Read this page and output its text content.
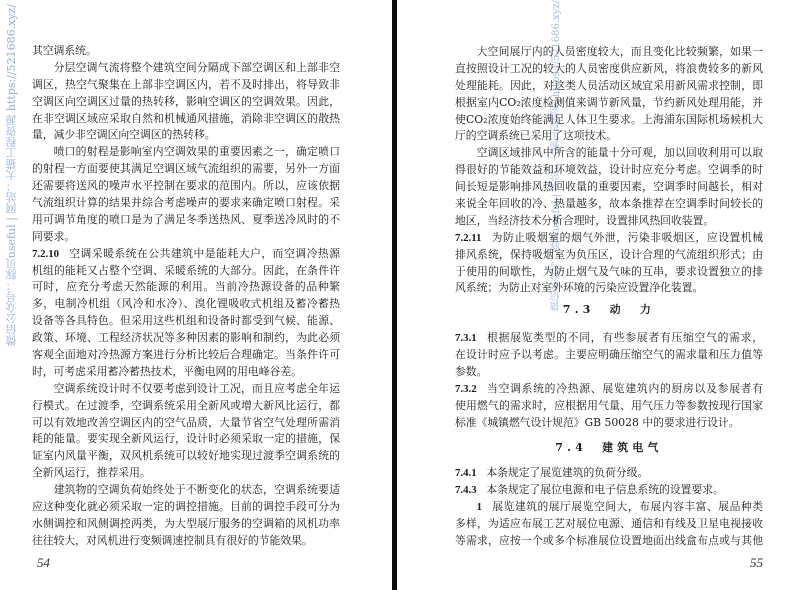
微信公众号：豚贝useful | 网站：大猫工程资源 https://521686.xyz/ 其空调系统。
分层空调气流将整个建筑空间分隔成下部空调区和上部非空
调区，热空气聚集在上部非空调区内，若不及时排出，将导致非
空调区向空调区过量的热转移，影响空调区的空调效果。因此，
在非空调区域应采取自然和机械通风措施，消除非空调区的散热
量，减少非空调区向空调区的热转移。
喷口的射程是影响室内空调效果的重要因素之一，确定喷口
的射程一方面要使其满足空调区域气流组织的需要，另外一方面
还需要将送风的噪声水平控制在要求的范围内。所以，应该依据
气流组织计算的结果并综合考虑噪声的要求来确定喷口射程。采
用可调节角度的喷口是为了满足冬季送热风、夏季送冷风时的不
同要求。
7.2.10 空调采暖系统在公共建筑中是能耗大户，而空调冷热源
机组的能耗又占整个空调、采暖系统的大部分。因此，在条件许
可时，应充分考虑天然能源的利用。当前冷热源设备的品种繁
多，电制冷机组（风冷和水冷）、溴化锂吸收式机组及蓄冷蓄热
设备等各具特色。但采用这些机组和设备时都受到气候、能源、
政策、环境、工程经济状况等多种因素的影响和制约，为此必须
客观全面地对冷热源方案进行分析比较后合理确定。当条件许可
时，可考虑采用蓄冷蓄热技术，平衡电网的用电峰谷差。
空调系统设计时不仅要考虑到设计工况，而且应考虑全年运
行模式。在过渡季，空调系统采用全新风或增大新风比运行，都
可以有效地改善空调区内的空气品质，大量节省空气处理所需消
耗的能量。要实现全新风运行，设计时必须采取一定的措施，保
证室内风量平衡，双风机系统可以较好地实现过渡季空调系统的
全新风运行，推荐采用。
建筑物的空调负荷始终处于不断变化的状态，空调系统要适
应这种变化就必须采取一定的调控措施。目前的调控手段可分为
水侧调控和风侧调控两类，为大型展厅服务的空调箱的风机功率
往往较大，对风机进行变频调速控制具有很好的节能效果。
54
微信公众号：豚贝useful | 网站：大猫工程资源 https://521686.xyz/
大空间展厅内的人员密度较大，而且变化比较频繁，如果一
直按照设计工况的较大的人员密度供应新风，将浪费较多的新风
处理能耗。因此，对这类人员活动区域宜采用新风需求控制，即
根据室内CO₂浓度检测值来调节新风量，节约新风处理用能，并
使CO₂浓度始终能满足人体卫生要求。上海浦东国际机场候机大
厅的空调系统已采用了这项技术。
空调区域排风中所含的能量十分可观，加以回收利用可以取
得很好的节能效益和环境效益，设计时应充分考虑。空调季的时
间长短是影响排风热回收量的重要因素，空调季时间越长，相对
来说全年回收的冷、热量越多，故本条推荐在空调季时间较长的
地区，当经济技术分析合理时，设置排风热回收装置。
7.2.11 为防止吸烟室的烟气外泄，污染非吸烟区，应设置机械
排风系统，保持吸烟室为负压区，设计合理的气流组织形式；由
于使用的间歇性，为防止烟气及气味的互串，要求设置独立的排
风系统；为防止对室外环境的污染应设置净化装置。
7.3　动　力
7.3.1 根据展览类型的不同，有些参展者有压缩空气的需求，
在设计时应予以考虑。主要应明确压缩空气的需求量和压力值等
参数。
7.3.2 当空调系统的冷热源、展览建筑内的厨房以及参展者有
使用燃气的需求时，应根据用气量、用气压力等参数按现行国家
标准《城镇燃气设计规范》GB 50028 中的要求进行设计。
7.4　建筑电气
7.4.1 本条规定了展览建筑的负荷分级。
7.4.3 本条规定了展位电源和电子信息系统的设置要求。
1 展览建筑的展厅展览空间大，布展内容丰富、展品种类
多样，为适应布展工艺对展位电源、通信和有线及卫星电视接收
等需求，应按一个或多个标准展位设置地面出线盒布点或与其他
55
